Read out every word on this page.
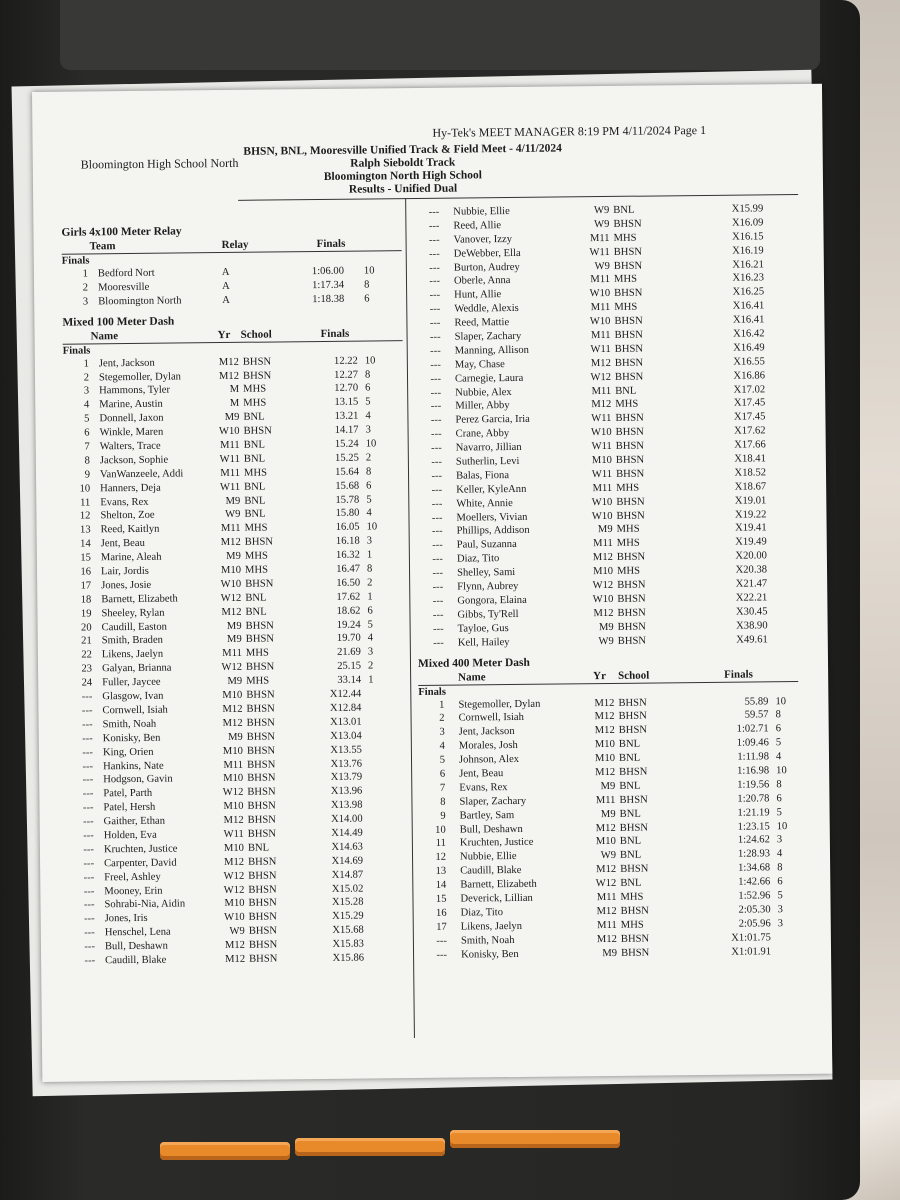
Bloomington High School North
Hy-Tek's MEET MANAGER 8:19 PM 4/11/2024 Page 1
BHSN, BNL, Mooresville Unified Track & Field Meet - 4/11/2024
Ralph Sieboldt Track
Bloomington North High School
Results - Unified Dual
Girls 4x100 Meter Relay
Team	Relay	Finals
Finals
1 Bedford Nort	A	1:06.00 10
2 Mooresville	A	1:17.34 8
3 Bloomington North	A	1:18.38 6
Mixed 100 Meter Dash
Name	Yr School	Finals
Finals
1 Jent, Jackson	M12 BHSN	12.22 10
2 Stegemoller, Dylan	M12 BHSN	12.27 8
3 Hammons, Tyler	M MHS	12.70 6
4 Marine, Austin	M MHS	13.15 5
5 Donnell, Jaxon	M9 BNL	13.21 4
6 Winkle, Maren	W10 BHSN	14.17 3
7 Walters, Trace	M11 BNL	15.24 10
8 Jackson, Sophie	W11 BNL	15.25 2
9 VanWanzeele, Addi	M11 MHS	15.64 8
10 Hanners, Deja	W11 BNL	15.68 6
11 Evans, Rex	M9 BNL	15.78 5
12 Shelton, Zoe	W9 BNL	15.80 4
13 Reed, Kaitlyn	M11 MHS	16.05 10
14 Jent, Beau	M12 BHSN	16.18 3
15 Marine, Aleah	M9 MHS	16.32 1
16 Lair, Jordis	M10 MHS	16.47 8
17 Jones, Josie	W10 BHSN	16.50 2
18 Barnett, Elizabeth	W12 BNL	17.62 1
19 Sheeley, Rylan	M12 BNL	18.62 6
20 Caudill, Easton	M9 BHSN	19.24 5
21 Smith, Braden	M9 BHSN	19.70 4
22 Likens, Jaelyn	M11 MHS	21.69 3
23 Galyan, Brianna	W12 BHSN	25.15 2
24 Fuller, Jaycee	M9 MHS	33.14 1
--- Glasgow, Ivan	M10 BHSN	X12.44
--- Cornwell, Isiah	M12 BHSN	X12.84
--- Smith, Noah	M12 BHSN	X13.01
--- Konisky, Ben	M9 BHSN	X13.04
--- King, Orien	M10 BHSN	X13.55
--- Hankins, Nate	M11 BHSN	X13.76
--- Hodgson, Gavin	M10 BHSN	X13.79
--- Patel, Parth	W12 BHSN	X13.96
--- Patel, Hersh	M10 BHSN	X13.98
--- Gaither, Ethan	M12 BHSN	X14.00
--- Holden, Eva	W11 BHSN	X14.49
--- Kruchten, Justice	M10 BNL	X14.63
--- Carpenter, David	M12 BHSN	X14.69
--- Freel, Ashley	W12 BHSN	X14.87
--- Mooney, Erin	W12 BHSN	X15.02
--- Sohrabi-Nia, Aidin	M10 BHSN	X15.28
--- Jones, Iris	W10 BHSN	X15.29
--- Henschel, Lena	W9 BHSN	X15.68
--- Bull, Deshawn	M12 BHSN	X15.83
--- Caudill, Blake	M12 BHSN	X15.86
--- Nubbie, Ellie	W9 BNL	X15.99
--- Reed, Allie	W9 BHSN	X16.09
--- Vanover, Izzy	M11 MHS	X16.15
--- DeWebber, Ella	W11 BHSN	X16.19
--- Burton, Audrey	W9 BHSN	X16.21
--- Oberle, Anna	M11 MHS	X16.23
--- Hunt, Allie	W10 BHSN	X16.25
--- Weddle, Alexis	M11 MHS	X16.41
--- Reed, Mattie	W10 BHSN	X16.41
--- Slaper, Zachary	M11 BHSN	X16.42
--- Manning, Allison	W11 BHSN	X16.49
--- May, Chase	M12 BHSN	X16.55
--- Carnegie, Laura	W12 BHSN	X16.86
--- Nubbie, Alex	M11 BNL	X17.02
--- Miller, Abby	M12 MHS	X17.45
--- Perez Garcia, Iria	W11 BHSN	X17.45
--- Crane, Abby	W10 BHSN	X17.62
--- Navarro, Jillian	W11 BHSN	X17.66
--- Sutherlin, Levi	M10 BHSN	X18.41
--- Balas, Fiona	W11 BHSN	X18.52
--- Keller, KyleAnn	M11 MHS	X18.67
--- White, Annie	W10 BHSN	X19.01
--- Moellers, Vivian	W10 BHSN	X19.22
--- Phillips, Addison	M9 MHS	X19.41
--- Paul, Suzanna	M11 MHS	X19.49
--- Diaz, Tito	M12 BHSN	X20.00
--- Shelley, Sami	M10 MHS	X20.38
--- Flynn, Aubrey	W12 BHSN	X21.47
--- Gongora, Elaina	W10 BHSN	X22.21
--- Gibbs, Ty'Rell	M12 BHSN	X30.45
--- Tayloe, Gus	M9 BHSN	X38.90
--- Kell, Hailey	W9 BHSN	X49.61
Mixed 400 Meter Dash
Name	Yr School	Finals
Finals
1 Stegemoller, Dylan	M12 BHSN	55.89 10
2 Cornwell, Isiah	M12 BHSN	59.57 8
3 Jent, Jackson	M12 BHSN	1:02.71 6
4 Morales, Josh	M10 BNL	1:09.46 5
5 Johnson, Alex	M10 BNL	1:11.98 4
6 Jent, Beau	M12 BHSN	1:16.98 10
7 Evans, Rex	M9 BNL	1:19.56 8
8 Slaper, Zachary	M11 BHSN	1:20.78 6
9 Bartley, Sam	M9 BNL	1:21.19 5
10 Bull, Deshawn	M12 BHSN	1:23.15 10
11 Kruchten, Justice	M10 BNL	1:24.62 3
12 Nubbie, Ellie	W9 BNL	1:28.93 4
13 Caudill, Blake	M12 BHSN	1:34.68 8
14 Barnett, Elizabeth	W12 BNL	1:42.66 6
15 Deverick, Lillian	M11 MHS	1:52.96 5
16 Diaz, Tito	M12 BHSN	2:05.30 3
17 Likens, Jaelyn	M11 MHS	2:05.96 3
--- Smith, Noah	M12 BHSN	X1:01.75
--- Konisky, Ben	M9 BHSN	X1:01.91
